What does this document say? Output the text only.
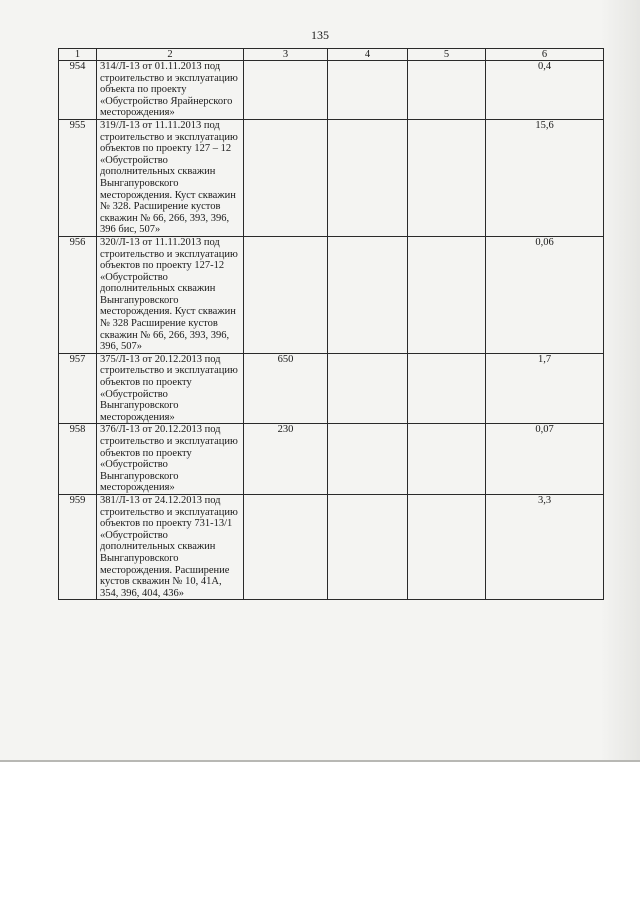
135
1	2	3	4	5	6
954	314/Л-13 от 01.11.2013 под строительство и эксплуатацию объекта по проекту «Обустройство Ярайнерского месторождения»				0,4
955	319/Л-13 от 11.11.2013 под строительство и эксплуатацию объектов по проекту 127 – 12 «Обустройство дополнительных скважин Вынгапуровского месторождения. Куст скважин № 328. Расширение кустов скважин № 66, 266, 393, 396, 396 бис, 507»				15,6
956	320/Л-13 от 11.11.2013 под строительство и эксплуатацию объектов по проекту 127-12 «Обустройство дополнительных скважин Вынгапуровского месторождения. Куст скважин № 328 Расширение кустов скважин № 66, 266, 393, 396, 396, 507»				0,06
957	375/Л-13 от 20.12.2013 под строительство и эксплуатацию объектов по проекту «Обустройство Вынгапуровского месторождения»	650			1,7
958	376/Л-13 от 20.12.2013 под строительство и эксплуатацию объектов по проекту «Обустройство Вынгапуровского месторождения»	230			0,07
959	381/Л-13 от 24.12.2013 под строительство и эксплуатацию объектов по проекту 731-13/1 «Обустройство дополнительных скважин Вынгапуровского месторождения. Расширение кустов скважин № 10, 41А, 354, 396, 404, 436»				3,3
